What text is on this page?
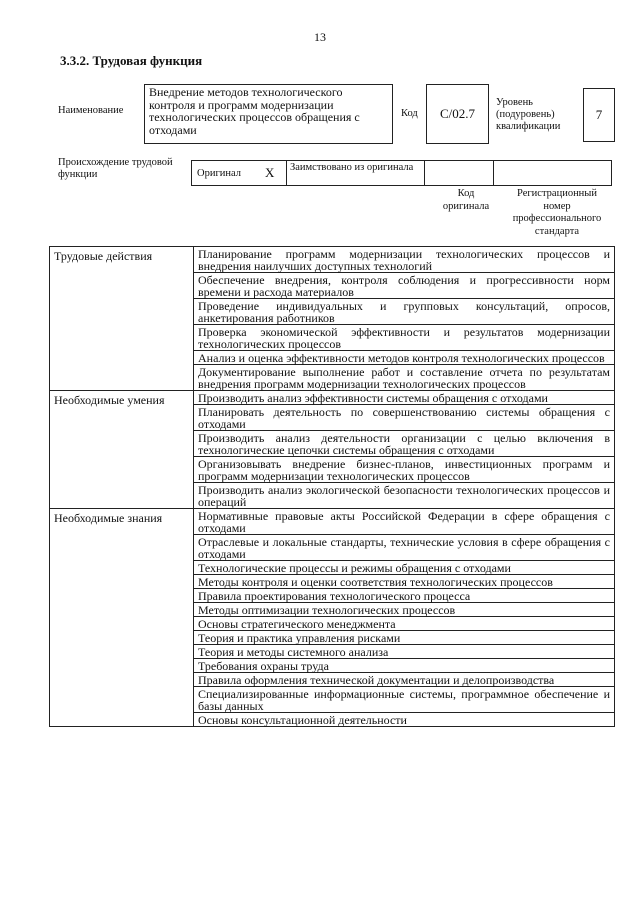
13
3.3.2. Трудовая функция
Наименование
Внедрение методов технологического контроля и программ модернизации технологических процессов обращения с отходами
Код	С/02.7
Уровень (подуровень) квалификации
7
Происхождение трудовой функции	Оригинал X	Заимствовано из оригинала
Код оригинала
Регистрационный номер профессионального стандарта
Трудовые действия	Планирование программ модернизации технологических процессов и внедрения наилучших доступных технологий
	Обеспечение внедрения, контроля соблюдения и прогрессивности норм времени и расхода материалов
	Проведение индивидуальных и групповых консультаций, опросов, анкетирования работников
	Проверка экономической эффективности и результатов модернизации технологических процессов
	Анализ и оценка эффективности методов контроля технологических процессов
	Документирование выполнение работ и составление отчета по результатам внедрения программ модернизации технологических процессов
Необходимые умения	Производить анализ эффективности системы обращения с отходами
	Планировать деятельность по совершенствованию системы обращения с отходами
	Производить анализ деятельности организации с целью включения в технологические цепочки системы обращения с отходами
	Организовывать внедрение бизнес-планов, инвестиционных программ и программ модернизации технологических процессов
	Производить анализ экологической безопасности технологических процессов и операций
Необходимые знания	Нормативные правовые акты Российской Федерации в сфере обращения с отходами
	Отраслевые и локальные стандарты, технические условия в сфере обращения с отходами
	Технологические процессы и режимы обращения с отходами
	Методы контроля и оценки соответствия технологических процессов
	Правила проектирования технологического процесса
	Методы оптимизации технологических процессов
	Основы стратегического менеджмента
	Теория и практика управления рисками
	Теория и методы системного анализа
	Требования охраны труда
	Правила оформления технической документации и делопроизводства
	Специализированные информационные системы, программное обеспечение и базы данных
	Основы консультационной деятельности
